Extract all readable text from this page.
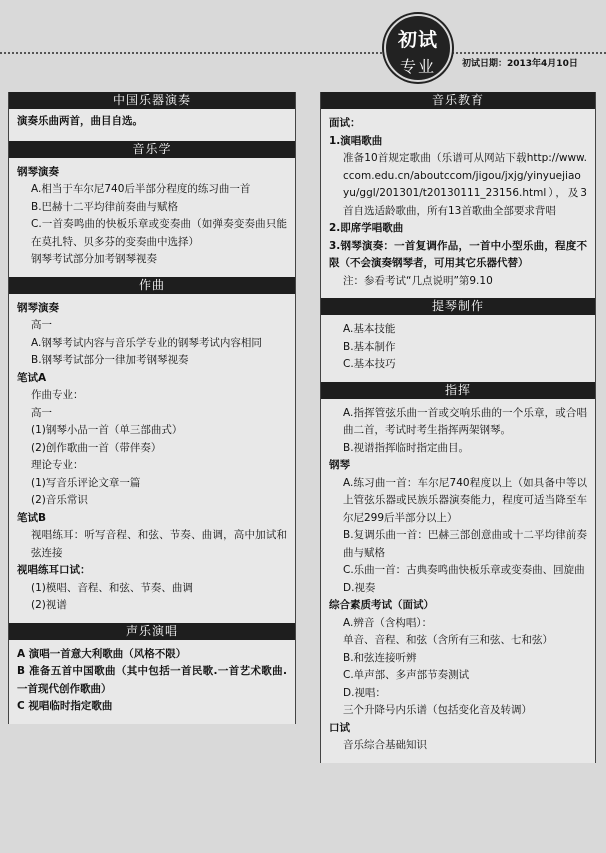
初试
专业	初试日期：2013年4月10日
中国乐器演奏

演奏乐曲两首，曲目自选。

音乐学

钢琴演奏

A.相当于车尔尼740后半部分程度的练习曲一首

B.巴赫十二平均律前奏曲与赋格

C.一首奏鸣曲的快板乐章或变奏曲（如弹奏变奏曲只能在莫扎特、贝多芬的变奏曲中选择）

钢琴考试部分加考钢琴视奏

作曲

钢琴演奏

高一

A.钢琴考试内容与音乐学专业的钢琴考试内容相同

B.钢琴考试部分一律加考钢琴视奏

笔试A

作曲专业：

高一

(1)钢琴小品一首（单三部曲式）

(2)创作歌曲一首（带伴奏）

理论专业：

(1)写音乐评论文章一篇

(2)音乐常识

笔试B

视唱练耳：听写音程、和弦、节奏、曲调，高中加试和弦连接

视唱练耳口试：

(1)模唱、音程、和弦、节奏、曲调

(2)视谱

声乐演唱

A 演唱一首意大利歌曲（风格不限）

B 准备五首中国歌曲（其中包括一首民歌.一首艺术歌曲.一首现代创作歌曲）

C 视唱临时指定歌曲

音乐教育

面试：

1.演唱歌曲

准备10首规定歌曲（乐谱可从网站下载http://www.ccom.edu.cn/aboutccom/jigou/jxjg/yinyuejiaoyu/ggl/201301/t20130111_23156.html），及3首自选适龄歌曲，所有13首歌曲全部要求背唱

2.即席学唱歌曲

3.钢琴演奏：一首复调作品，一首中小型乐曲，程度不限（不会演奏钢琴者，可用其它乐器代替）

注：参看考试“几点说明”第9.10

提琴制作

A.基本技能

B.基本制作

C.基本技巧

指挥

A.指挥管弦乐曲一首或交响乐曲的一个乐章，或合唱曲二首，考试时考生指挥两架钢琴。

B.视谱指挥临时指定曲目。

钢琴

A.练习曲一首：车尔尼740程度以上（如具备中等以上管弦乐器或民族乐器演奏能力，程度可适当降至车尔尼299后半部分以上）

B.复调乐曲一首：巴赫三部创意曲或十二平均律前奏曲与赋格

C.乐曲一首：古典奏鸣曲快板乐章或变奏曲、回旋曲

D.视奏

综合素质考试（面试）

A.辨音（含构唱）：

单音、音程、和弦（含所有三和弦、七和弦）

B.和弦连接听辨

C.单声部、多声部节奏测试

D.视唱：

三个升降号内乐谱（包括变化音及转调）

口试

音乐综合基础知识
